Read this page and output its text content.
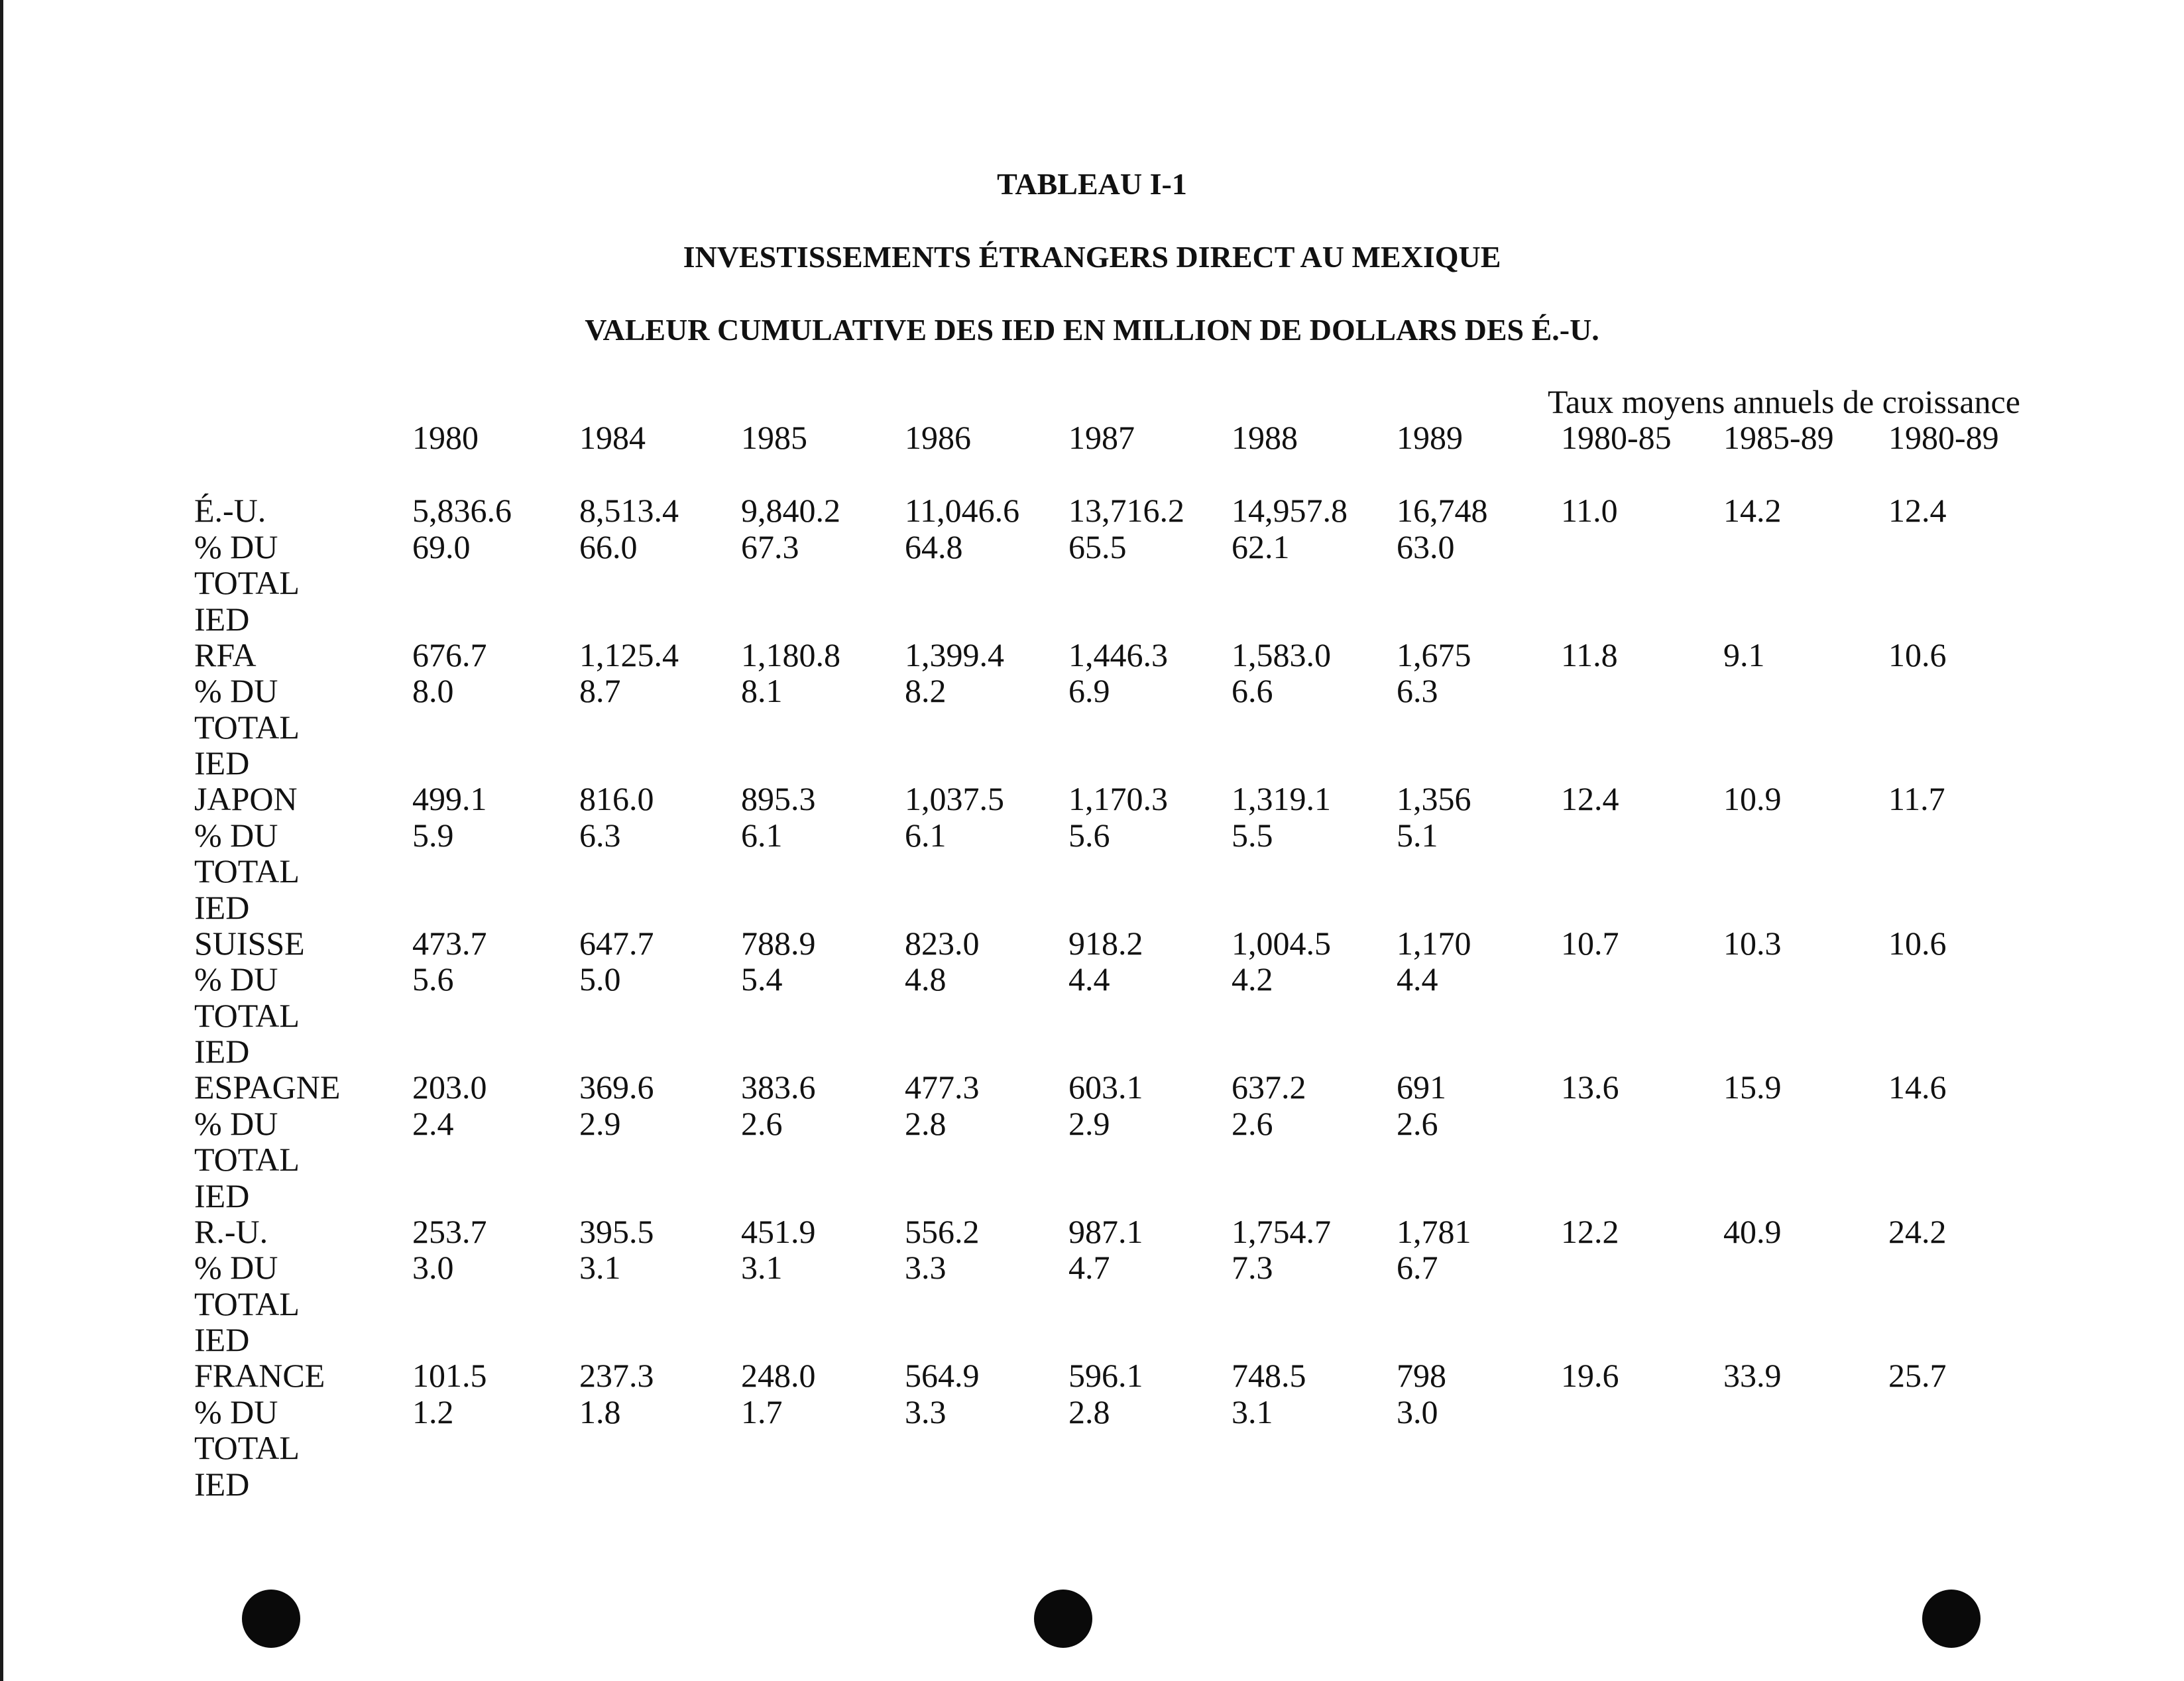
TABLEAU I-1
INVESTISSEMENTS ÉTRANGERS DIRECT AU MEXIQUE
VALEUR CUMULATIVE DES IED EN MILLION DE DOLLARS DES É.-U.
Taux moyens annuels de croissance
1980	1984	1985	1986	1987	1988	1989	1980-85 1985-89 1980-89
É.-U.	5,836.6 8,513.4 9,840.2 11,046.6 13,716.2 14,957.8 16,748 11.0	14.2	12.4
% DU
TOTAL
IED
69.0	66.0	67.3	64.8	65.5	62.1	63.0
RFA	676.7	1,125.4 1,180.8 1,399.4 1,446.3 1,583.0 1,675	11.8	9.1	10.6
% DU
TOTAL
IED
8.0	8.7	8.1	8.2	6.9	6.6	6.3
JAPON	499.1	816.0	895.3	1,037.5 1,170.3 1,319.1 1,356	12.4	10.9	11.7
% DU
TOTAL
IED
5.9	6.3	6.1	6.1	5.6	5.5	5.1
SUISSE	473.7	647.7	788.9	823.0	918.2	1,004.5 1,170	10.7	10.3	10.6
% DU
TOTAL
IED
5.6	5.0	5.4	4.8	4.4	4.2	4.4
ESPAGNE 203.0	369.6	383.6	477.3	603.1	637.2	691	13.6	15.9	14.6
% DU
TOTAL
IED
2.4	2.9	2.6	2.8	2.9	2.6	2.6
R.-U.	253.7	395.5	451.9	556.2	987.1	1,754.7 1,781	12.2	40.9	24.2
% DU
TOTAL
IED
3.0	3.1	3.1	3.3	4.7	7.3	6.7
FRANCE	101.5	237.3	248.0	564.9	596.1	748.5	798	19.6	33.9	25.7
% DU
TOTAL
IED
1.2	1.8	1.7	3.3	2.8	3.1	3.0
